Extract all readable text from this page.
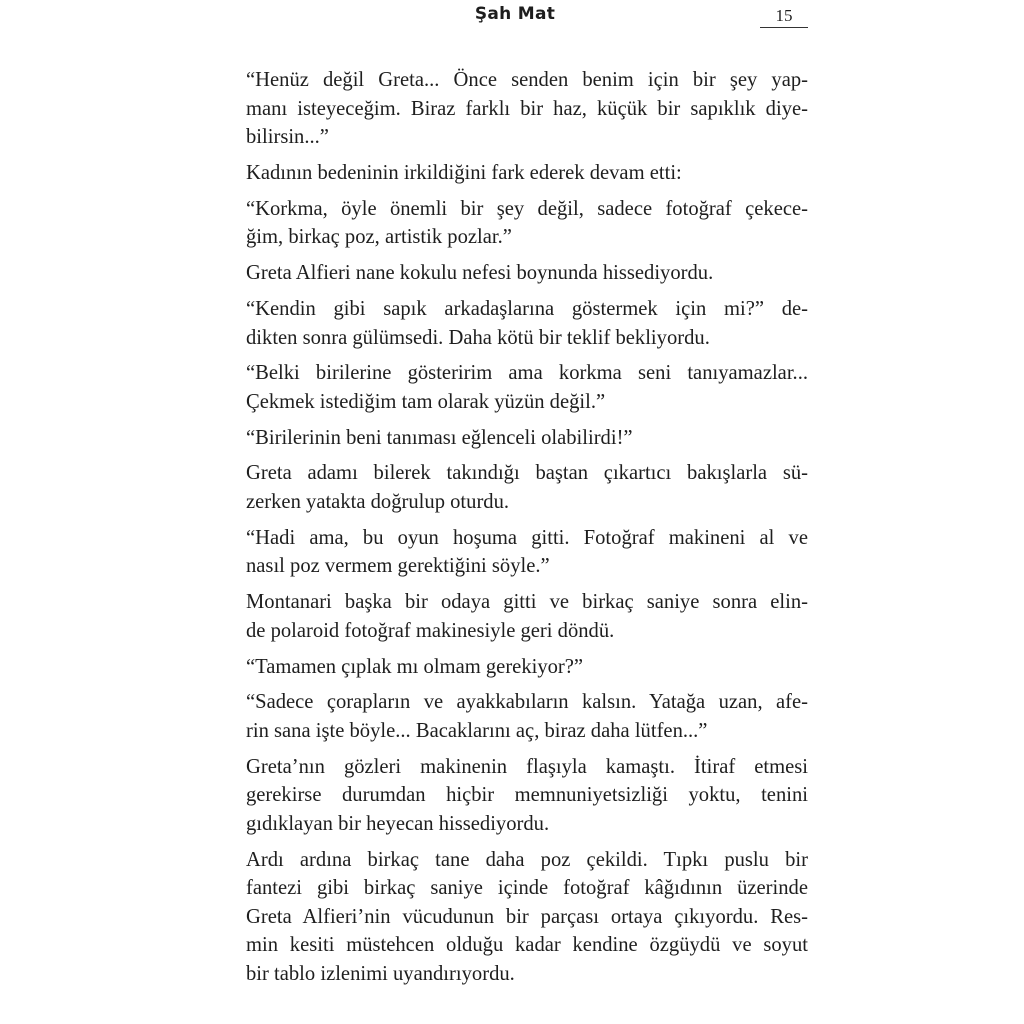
Şah Mat	15
“Henüz değil Greta... Önce senden benim için bir şey yap-
manı isteyeceğim. Biraz farklı bir haz, küçük bir sapıklık diye-
bilirsin...”
Kadının bedeninin irkildiğini fark ederek devam etti:
“Korkma, öyle önemli bir şey değil, sadece fotoğraf çekece-
ğim, birkaç poz, artistik pozlar.”
Greta Alfieri nane kokulu nefesi boynunda hissediyordu.
“Kendin gibi sapık arkadaşlarına göstermek için mi?” de-
dikten sonra gülümsedi. Daha kötü bir teklif bekliyordu.
“Belki birilerine gösteririm ama korkma seni tanıyamazlar...
Çekmek istediğim tam olarak yüzün değil.”
“Birilerinin beni tanıması eğlenceli olabilirdi!”
Greta adamı bilerek takındığı baştan çıkartıcı bakışlarla sü-
zerken yatakta doğrulup oturdu.
“Hadi ama, bu oyun hoşuma gitti. Fotoğraf makineni al ve
nasıl poz vermem gerektiğini söyle.”
Montanari başka bir odaya gitti ve birkaç saniye sonra elin-
de polaroid fotoğraf makinesiyle geri döndü.
“Tamamen çıplak mı olmam gerekiyor?”
“Sadece çorapların ve ayakkabıların kalsın. Yatağa uzan, afe-
rin sana işte böyle... Bacaklarını aç, biraz daha lütfen...”
Greta’nın gözleri makinenin flaşıyla kamaştı. İtiraf etmesi
gerekirse durumdan hiçbir memnuniyetsizliği yoktu, tenini
gıdıklayan bir heyecan hissediyordu.
Ardı ardına birkaç tane daha poz çekildi. Tıpkı puslu bir
fantezi gibi birkaç saniye içinde fotoğraf kâğıdının üzerinde
Greta Alfieri’nin vücudunun bir parçası ortaya çıkıyordu. Res-
min kesiti müstehcen olduğu kadar kendine özgüydü ve soyut
bir tablo izlenimi uyandırıyordu.
